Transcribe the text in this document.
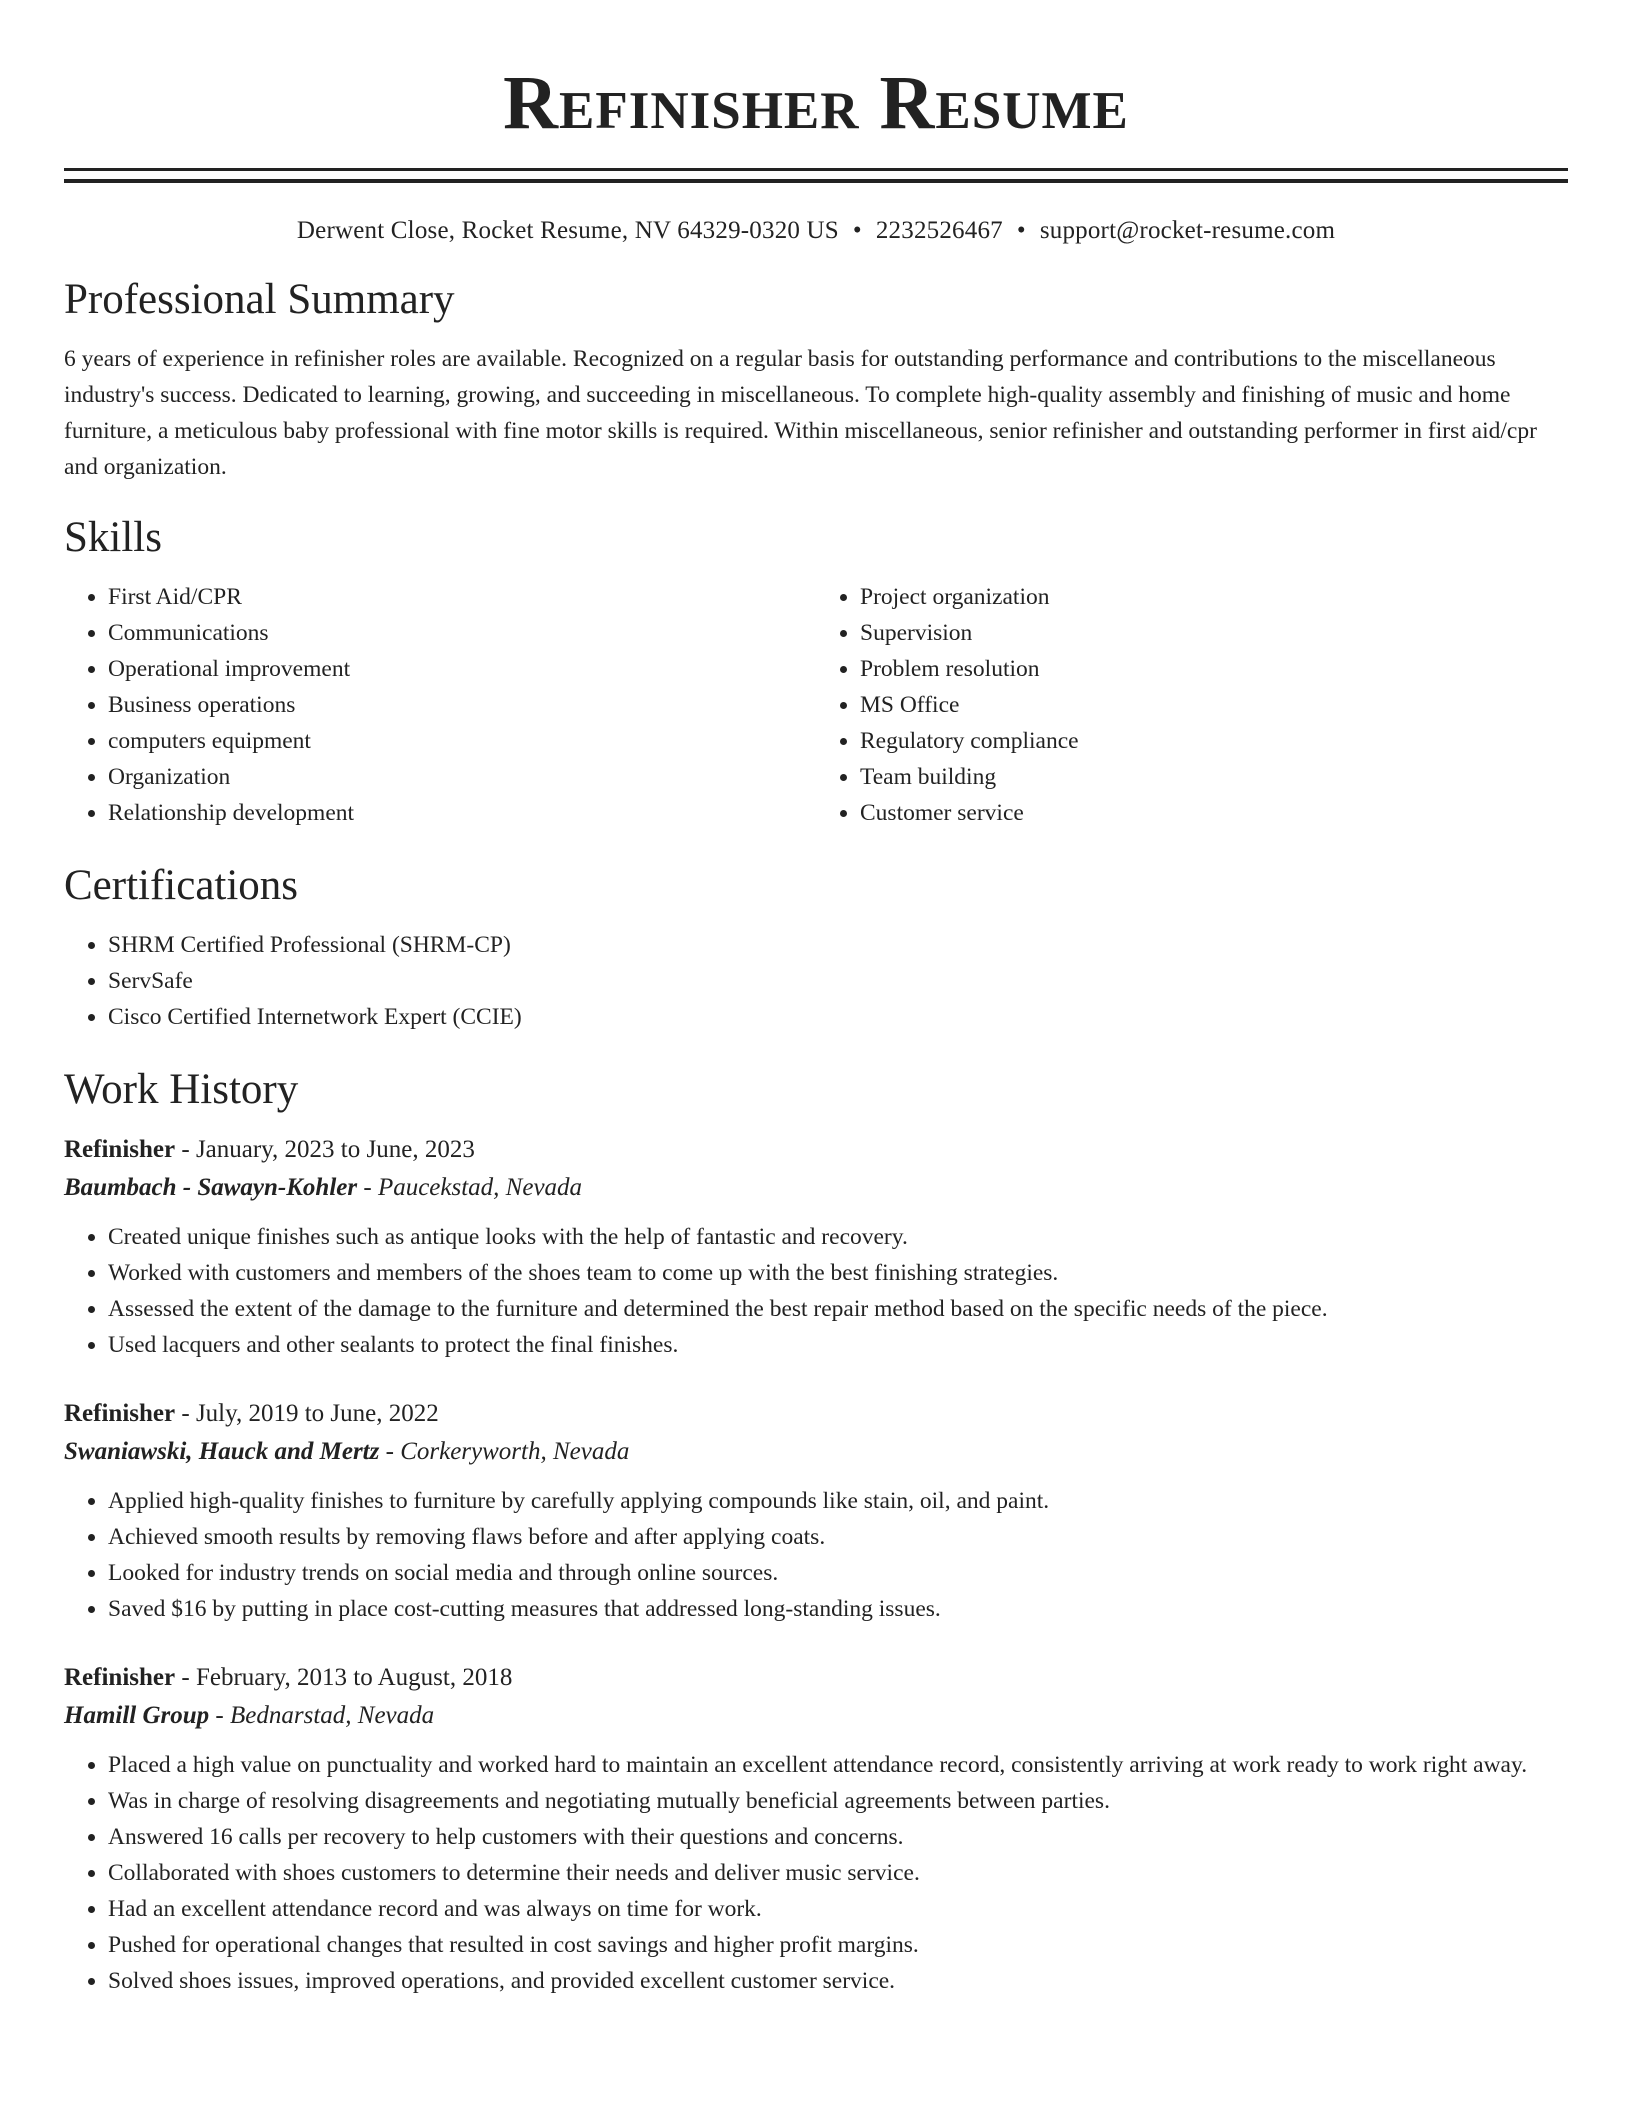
Refinisher Resume
Derwent Close, Rocket Resume, NV 64329-0320 US • 2232526467 • support@rocket-resume.com
Professional Summary

6 years of experience in refinisher roles are available. Recognized on a regular basis for outstanding performance and contributions to the miscellaneous industry's success. Dedicated to learning, growing, and succeeding in miscellaneous. To complete high-quality assembly and finishing of music and home furniture, a meticulous baby professional with fine motor skills is required. Within miscellaneous, senior refinisher and outstanding performer in first aid/cpr and organization.

Skills
• First Aid/CPR
• Communications
• Operational improvement
• Business operations
• computers equipment
• Organization
• Relationship development
• Project organization
• Supervision
• Problem resolution
• MS Office
• Regulatory compliance
• Team building
• Customer service
Certifications
• SHRM Certified Professional (SHRM-CP)
• ServSafe
• Cisco Certified Internetwork Expert (CCIE)
Work History
Refinisher - January, 2023 to June, 2023
Baumbach - Sawayn-Kohler - Paucekstad, Nevada
• Created unique finishes such as antique looks with the help of fantastic and recovery.
• Worked with customers and members of the shoes team to come up with the best finishing strategies.
• Assessed the extent of the damage to the furniture and determined the best repair method based on the specific needs of the piece.
• Used lacquers and other sealants to protect the final finishes.
Refinisher - July, 2019 to June, 2022
Swaniawski, Hauck and Mertz - Corkeryworth, Nevada
• Applied high-quality finishes to furniture by carefully applying compounds like stain, oil, and paint.
• Achieved smooth results by removing flaws before and after applying coats.
• Looked for industry trends on social media and through online sources.
• Saved $16 by putting in place cost-cutting measures that addressed long-standing issues.
Refinisher - February, 2013 to August, 2018
Hamill Group - Bednarstad, Nevada
• Placed a high value on punctuality and worked hard to maintain an excellent attendance record, consistently arriving at work ready to work right away.
• Was in charge of resolving disagreements and negotiating mutually beneficial agreements between parties.
• Answered 16 calls per recovery to help customers with their questions and concerns.
• Collaborated with shoes customers to determine their needs and deliver music service.
• Had an excellent attendance record and was always on time for work.
• Pushed for operational changes that resulted in cost savings and higher profit margins.
• Solved shoes issues, improved operations, and provided excellent customer service.
